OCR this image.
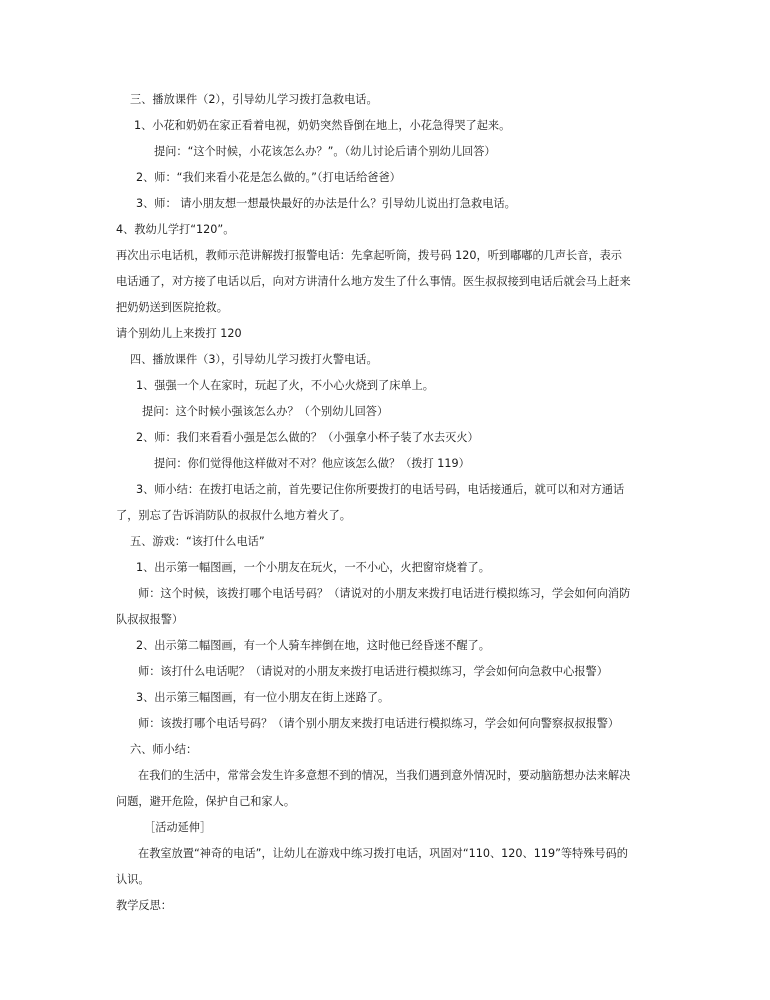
三、播放课件（2），引导幼儿学习拨打急救电话。
1、小花和奶奶在家正看着电视，奶奶突然昏倒在地上，小花急得哭了起来。
提问：“这个时候，小花该怎么办？”。（幼儿讨论后请个别幼儿回答）
2、师：“我们来看小花是怎么做的。”（打电话给爸爸）
3、师： 请小朋友想一想最快最好的办法是什么？引导幼儿说出打急救电话。
4、教幼儿学打“120”。
再次出示电话机，教师示范讲解拨打报警电话：先拿起听筒，拨号码 120，听到嘟嘟的几声长音，表示
电话通了，对方接了电话以后，向对方讲清什么地方发生了什么事情。医生叔叔接到电话后就会马上赶来
把奶奶送到医院抢救。
请个别幼儿上来拨打 120
四、播放课件（3），引导幼儿学习拨打火警电话。
1、强强一个人在家时，玩起了火，不小心火烧到了床单上。
提问：这个时候小强该怎么办？（个别幼儿回答）
2、师：我们来看看小强是怎么做的？（小强拿小杯子装了水去灭火）
提问：你们觉得他这样做对不对？他应该怎么做？（拨打 119）
3、师小结：在拨打电话之前，首先要记住你所要拨打的电话号码，电话接通后，就可以和对方通话
了，别忘了告诉消防队的叔叔什么地方着火了。
五、游戏：“该打什么电话”
1、出示第一幅图画，一个小朋友在玩火，一不小心，火把窗帘烧着了。
师：这个时候，该拨打哪个电话号码？（请说对的小朋友来拨打电话进行模拟练习，学会如何向消防
队叔叔报警）
2、出示第二幅图画，有一个人骑车摔倒在地，这时他已经昏迷不醒了。
师：该打什么电话呢？（请说对的小朋友来拨打电话进行模拟练习，学会如何向急救中心报警）
3、出示第三幅图画，有一位小朋友在街上迷路了。
师：该拨打哪个电话号码？（请个别小朋友来拨打电话进行模拟练习，学会如何向警察叔叔报警）
六、师小结：
在我们的生活中，常常会发生许多意想不到的情况，当我们遇到意外情况时，要动脑筋想办法来解决
问题，避开危险，保护自己和家人。
［活动延伸］
在教室放置“神奇的电话”，让幼儿在游戏中练习拨打电话，巩固对“110、120、119”等特殊号码的
认识。
教学反思：
